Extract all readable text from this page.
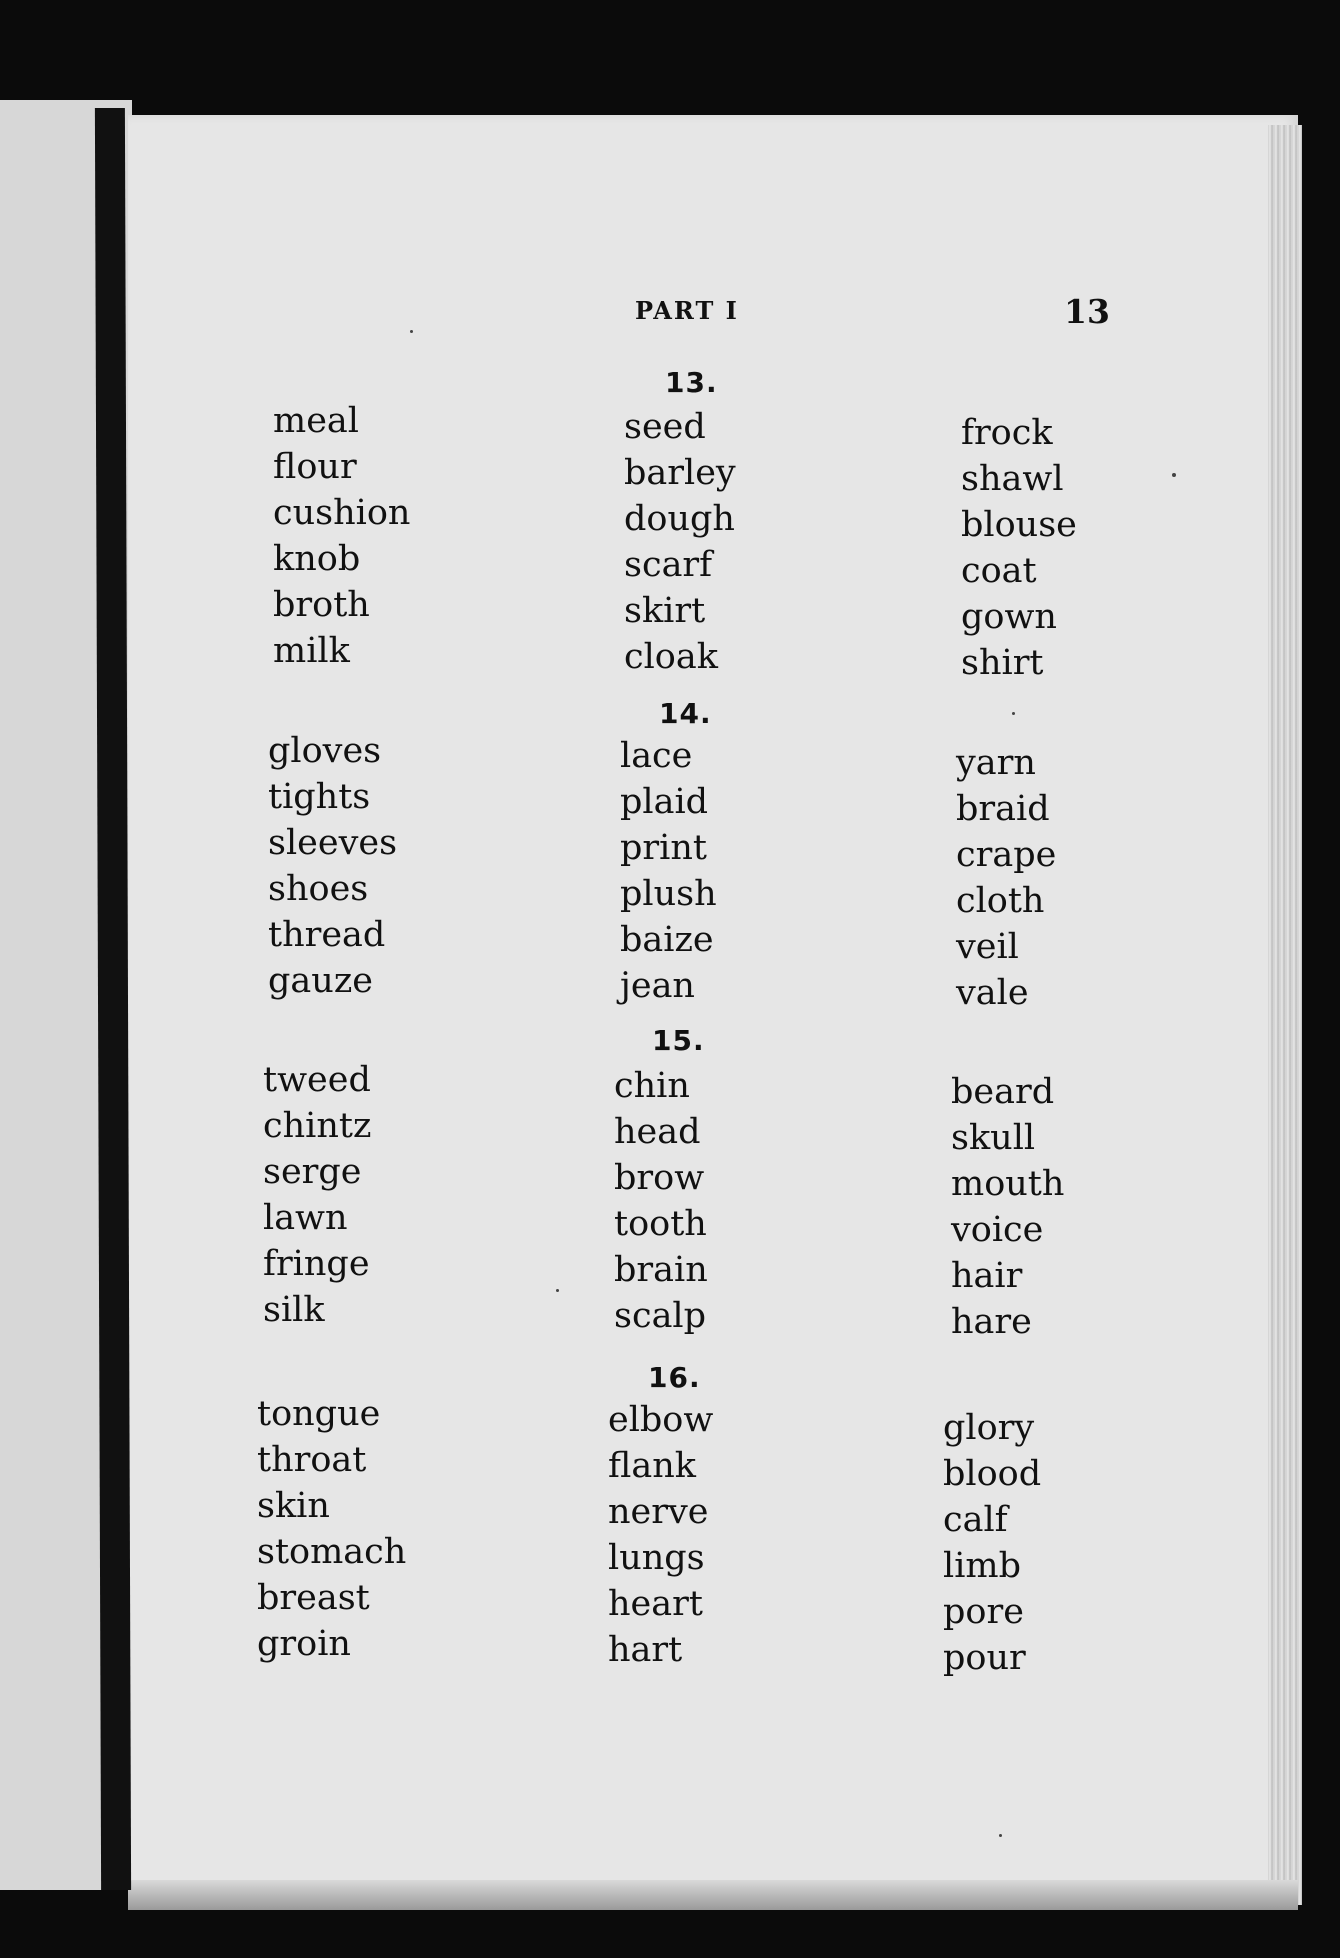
PART I	13
13.
meal
flour
cushion
knob
broth
milk
seed
barley
dough
scarf
skirt
cloak
frock
shawl
blouse
coat
gown
shirt
14.
gloves
tights
sleeves
shoes
thread
gauze
lace
plaid
print
plush
baize
jean
yarn
braid
crape
cloth
veil
vale
15.
tweed
chintz
serge
lawn
fringe
silk
chin
head
brow
tooth
brain
scalp
beard
skull
mouth
voice
hair
hare
16.
tongue
throat
skin
stomach
breast
groin
elbow
flank
nerve
lungs
heart
hart
glory
blood
calf
limb
pore
pour
